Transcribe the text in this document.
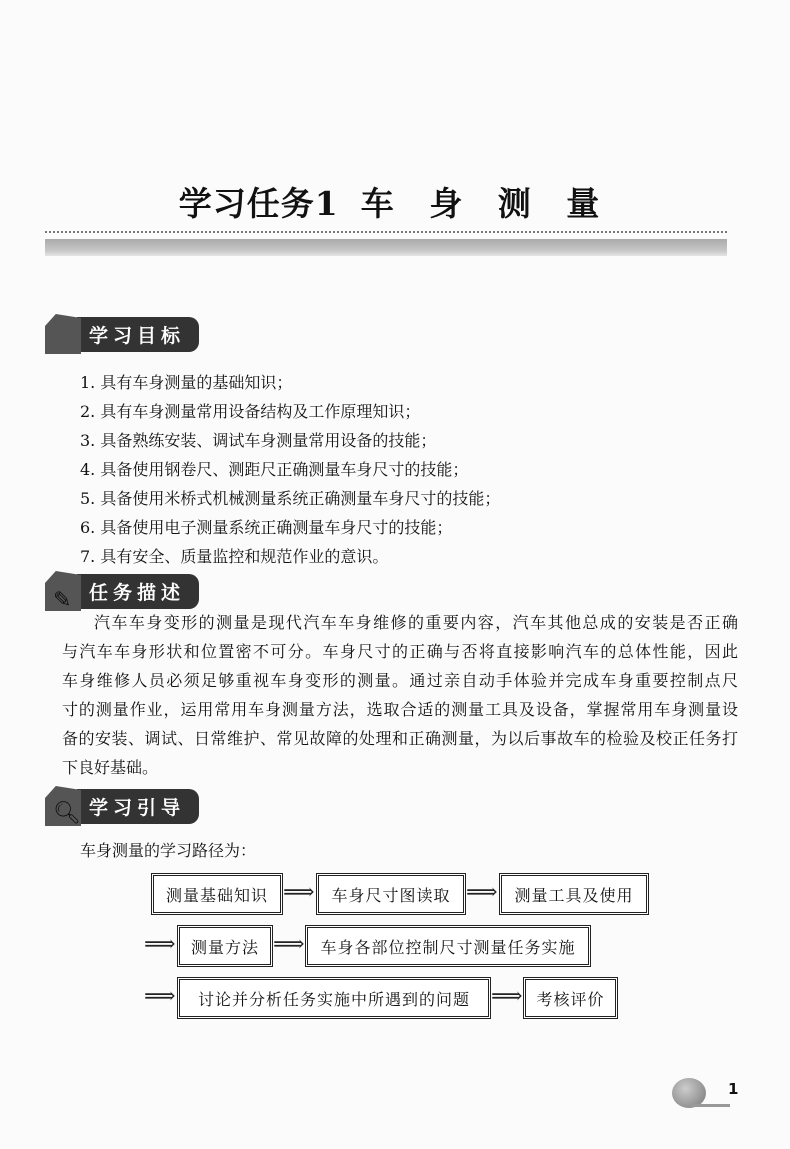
学习任务1 车 身 测 量
学习目标
1. 具有车身测量的基础知识；
2. 具有车身测量常用设备结构及工作原理知识；
3. 具备熟练安装、调试车身测量常用设备的技能；
4. 具备使用钢卷尺、测距尺正确测量车身尺寸的技能；
5. 具备使用米桥式机械测量系统正确测量车身尺寸的技能；
6. 具备使用电子测量系统正确测量车身尺寸的技能；
7. 具有安全、质量监控和规范作业的意识。
✎ 任务描述
汽车车身变形的测量是现代汽车车身维修的重要内容，汽车其他总成的安装是否正确
与汽车车身形状和位置密不可分。车身尺寸的正确与否将直接影响汽车的总体性能，因此
车身维修人员必须足够重视车身变形的测量。通过亲自动手体验并完成车身重要控制点尺
寸的测量作业，运用常用车身测量方法，选取合适的测量工具及设备，掌握常用车身测量设
备的安装、调试、日常维护、常见故障的处理和正确测量，为以后事故车的检验及校正任务打
下良好基础。
🔍︎ 学习引导
车身测量的学习路径为：
测量基础知识 ⟹	车身尺寸图读取 ⟹	测量工具及使用
⟹ 测量方法 ⟹ 车身各部位控制尺寸测量任务实施
⟹	讨论并分析任务实施中所遇到的问题 ⟹ 考核评价
1
